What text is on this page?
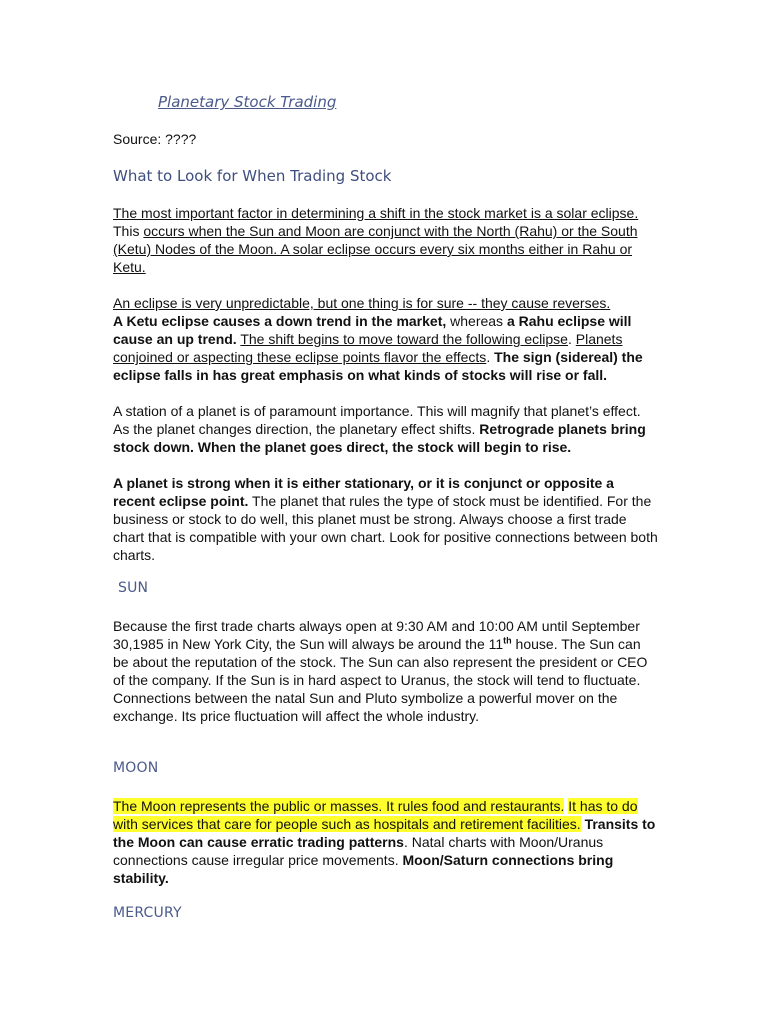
Planetary Stock Trading

Source: ????

What to Look for When Trading Stock

The most important factor in determining a shift in the stock market is a solar eclipse. This occurs when the Sun and Moon are conjunct with the North (Rahu) or the South (Ketu) Nodes of the Moon. A solar eclipse occurs every six months either in Rahu or Ketu.

An eclipse is very unpredictable, but one thing is for sure -- they cause reverses.
A Ketu eclipse causes a down trend in the market, whereas a Rahu eclipse will cause an up trend. The shift begins to move toward the following eclipse. Planets conjoined or aspecting these eclipse points flavor the effects. The sign (sidereal) the eclipse falls in has great emphasis on what kinds of stocks will rise or fall.

A station of a planet is of paramount importance. This will magnify that planet’s effect. As the planet changes direction, the planetary effect shifts. Retrograde planets bring stock down. When the planet goes direct, the stock will begin to rise.

A planet is strong when it is either stationary, or it is conjunct or opposite a recent eclipse point. The planet that rules the type of stock must be identified. For the business or stock to do well, this planet must be strong. Always choose a first trade chart that is compatible with your own chart. Look for positive connections between both charts.

SUN

Because the first trade charts always open at 9:30 AM and 10:00 AM until September 30,1985 in New York City, the Sun will always be around the 11th house. The Sun can be about the reputation of the stock. The Sun can also represent the president or CEO of the company. If the Sun is in hard aspect to Uranus, the stock will tend to fluctuate. Connections between the natal Sun and Pluto symbolize a powerful mover on the exchange. Its price fluctuation will affect the whole industry.

MOON

The Moon represents the public or masses. It rules food and restaurants. It has to do with services that care for people such as hospitals and retirement facilities. Transits to the Moon can cause erratic trading patterns. Natal charts with Moon/Uranus connections cause irregular price movements. Moon/Saturn connections bring stability.

MERCURY
